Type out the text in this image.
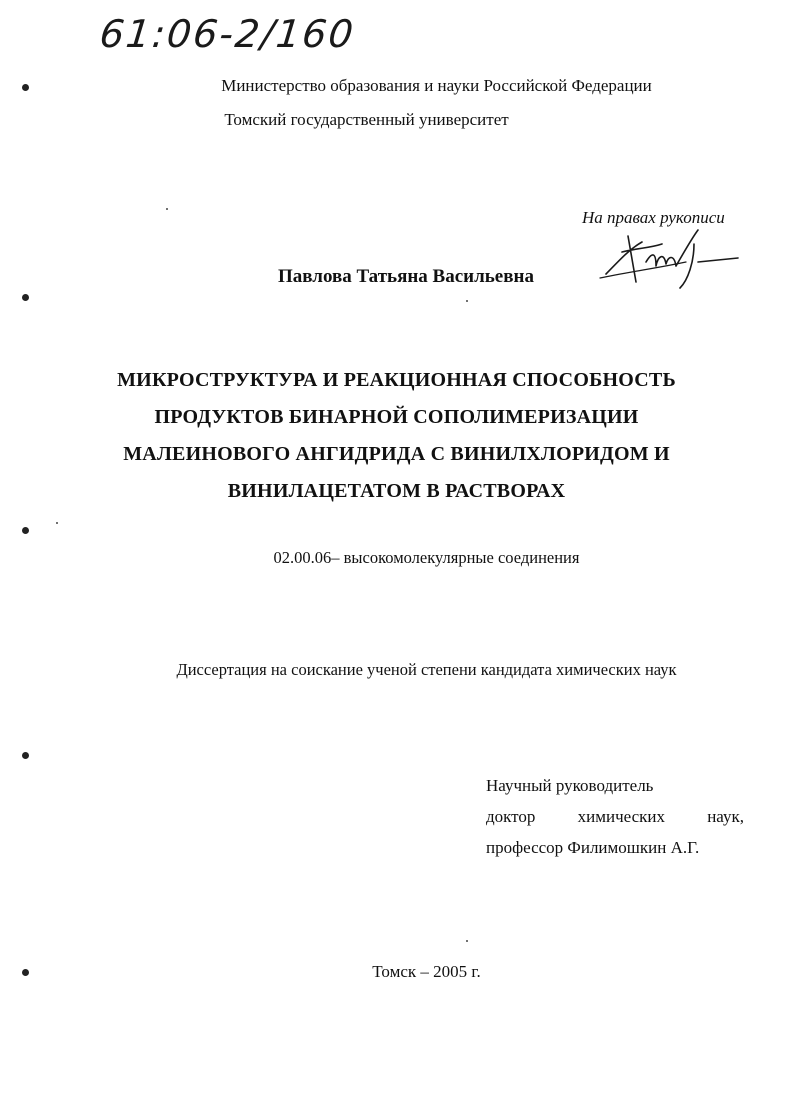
61:06-2/160
Министерство образования и науки Российской Федерации
Томский государственный университет
На правах рукописи
Павлова Татьяна Васильевна
МИКРОСТРУКТУРА И РЕАКЦИОННАЯ СПОСОБНОСТЬ
ПРОДУКТОВ БИНАРНОЙ СОПОЛИМЕРИЗАЦИИ
МАЛЕИНОВОГО АНГИДРИДА С ВИНИЛХЛОРИДОМ И
ВИНИЛАЦЕТАТОМ В РАСТВОРАХ
02.00.06– высокомолекулярные соединения
Диссертация на соискание ученой степени кандидата химических наук
Научный руководитель
доктор химических наук,
профессор Филимошкин А.Г.
Томск – 2005 г.
